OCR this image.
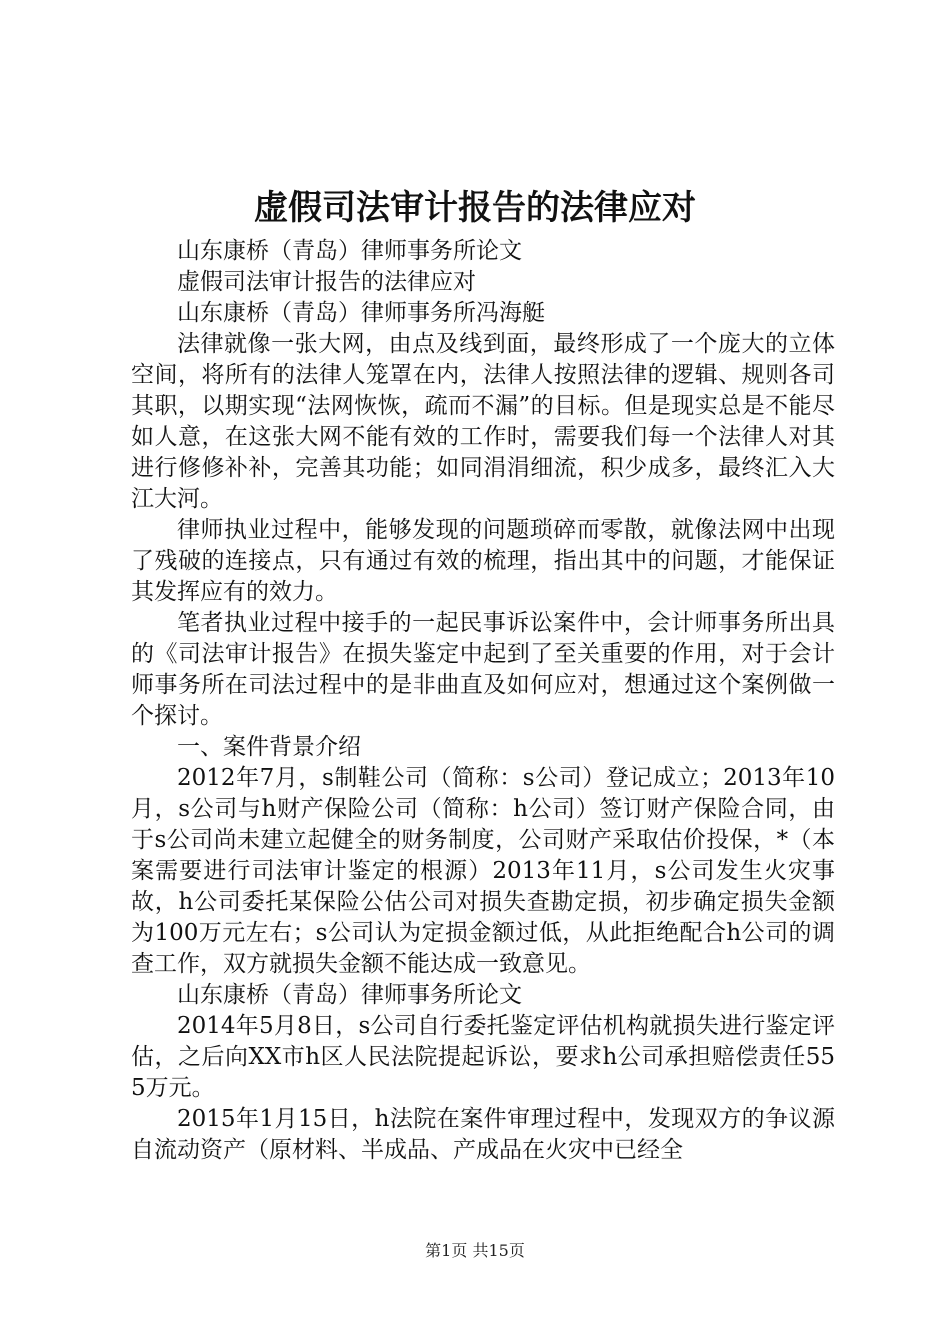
虚假司法审计报告的法律应对

山东康桥（青岛）律师事务所论文

虚假司法审计报告的法律应对

山东康桥（青岛）律师事务所冯海艇

法律就像一张大网，由点及线到面，最终形成了一个庞大的立体空间，将所有的法律人笼罩在内，法律人按照法律的逻辑、规则各司其职，以期实现“法网恢恢，疏而不漏”的目标。但是现实总是不能尽如人意，在这张大网不能有效的工作时，需要我们每一个法律人对其进行修修补补，完善其功能；如同涓涓细流，积少成多，最终汇入大江大河。

律师执业过程中，能够发现的问题琐碎而零散，就像法网中出现了残破的连接点，只有通过有效的梳理，指出其中的问题，才能保证其发挥应有的效力。

笔者执业过程中接手的一起民事诉讼案件中，会计师事务所出具的《司法审计报告》在损失鉴定中起到了至关重要的作用，对于会计师事务所在司法过程中的是非曲直及如何应对，想通过这个案例做一个探讨。

一、案件背景介绍

2012年7月，s制鞋公司（简称：s公司）登记成立；2013年10月，s公司与h财产保险公司（简称：h公司）签订财产保险合同，由于s公司尚未建立起健全的财务制度，公司财产采取估价投保，*（本案需要进行司法审计鉴定的根源）2013年11月，s公司发生火灾事故，h公司委托某保险公估公司对损失查勘定损，初步确定损失金额为100万元左右；s公司认为定损金额过低，从此拒绝配合h公司的调查工作，双方就损失金额不能达成一致意见。

山东康桥（青岛）律师事务所论文

2014年5月8日，s公司自行委托鉴定评估机构就损失进行鉴定评估，之后向XX市h区人民法院提起诉讼，要求h公司承担赔偿责任555万元。

2015年1月15日，h法院在案件审理过程中，发现双方的争议源自流动资产（原材料、半成品、产成品在火灾中已经全

第1页 共15页
